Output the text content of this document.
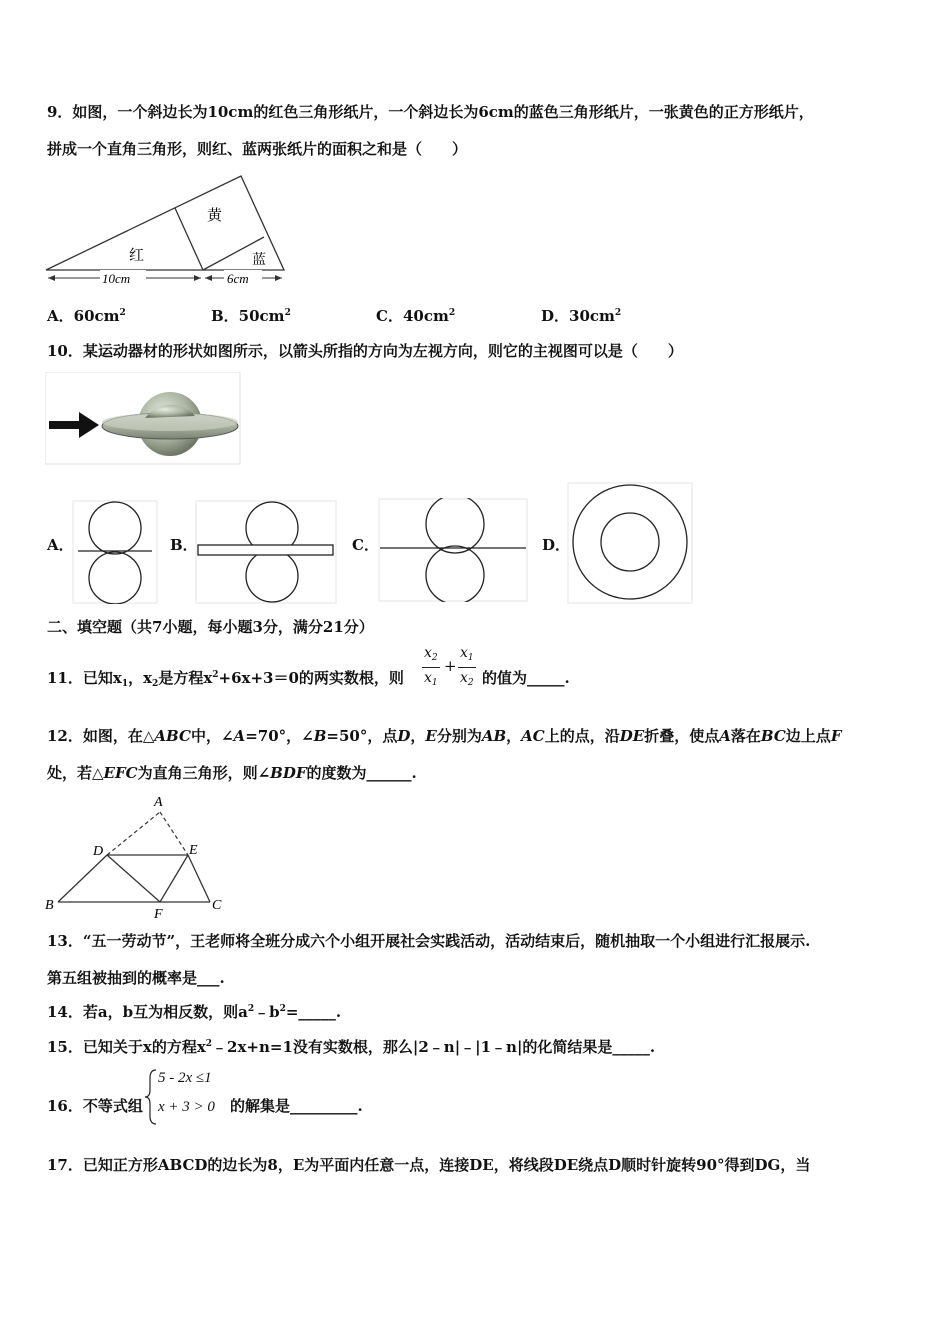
9．如图，一个斜边长为10cm的红色三角形纸片，一个斜边长为6cm的蓝色三角形纸片，一张黄色的正方形纸片，
拼成一个直角三角形，则红、蓝两张纸片的面积之和是（　　）
黄
红	蓝
10cm	6cm
A．$60cm^2$	B．$50cm^2$	C．$40cm^2$	D．$30cm^2$
10．某运动器材的形状如图所示，以箭头所指的方向为左视方向，则它的主视图可以是（　　）
A．	B．	C．	D．
二、填空题（共7小题，每小题3分，满分21分）
11．已知$x_1$，$x_2$是方程$x^2+6x+3=0$的两实数根，则
$x_2$
$x_1$
+
$x_1$
$x_2$ 的值为_____.
12．如图，在△ABC中，∠A=70°，∠B=50°，点D，E分别为AB，AC上的点，沿DE折叠，使点A落在BC边上点F
处，若△EFC为直角三角形，则∠BDF的度数为______.
A
D	E
B
F
C
13．“五一劳动节”，王老师将全班分成六个小组开展社会实践活动，活动结束后，随机抽取一个小组进行汇报展示.
第五组被抽到的概率是___.
14．若a，b互为相反数，则$a^2﹣b^2=\_\_\_\_\_$.
15．已知关于x的方程$x^2﹣2x+n=1$没有实数根，那么|2﹣n|﹣|1﹣n|的化简结果是_____.
16．不等式组
5 - 2x ≤1
x + 3 > 0 的解集是_________.
17．已知正方形ABCD的边长为8，E为平面内任意一点，连接DE，将线段DE绕点D顺时针旋转90°得到DG，当
